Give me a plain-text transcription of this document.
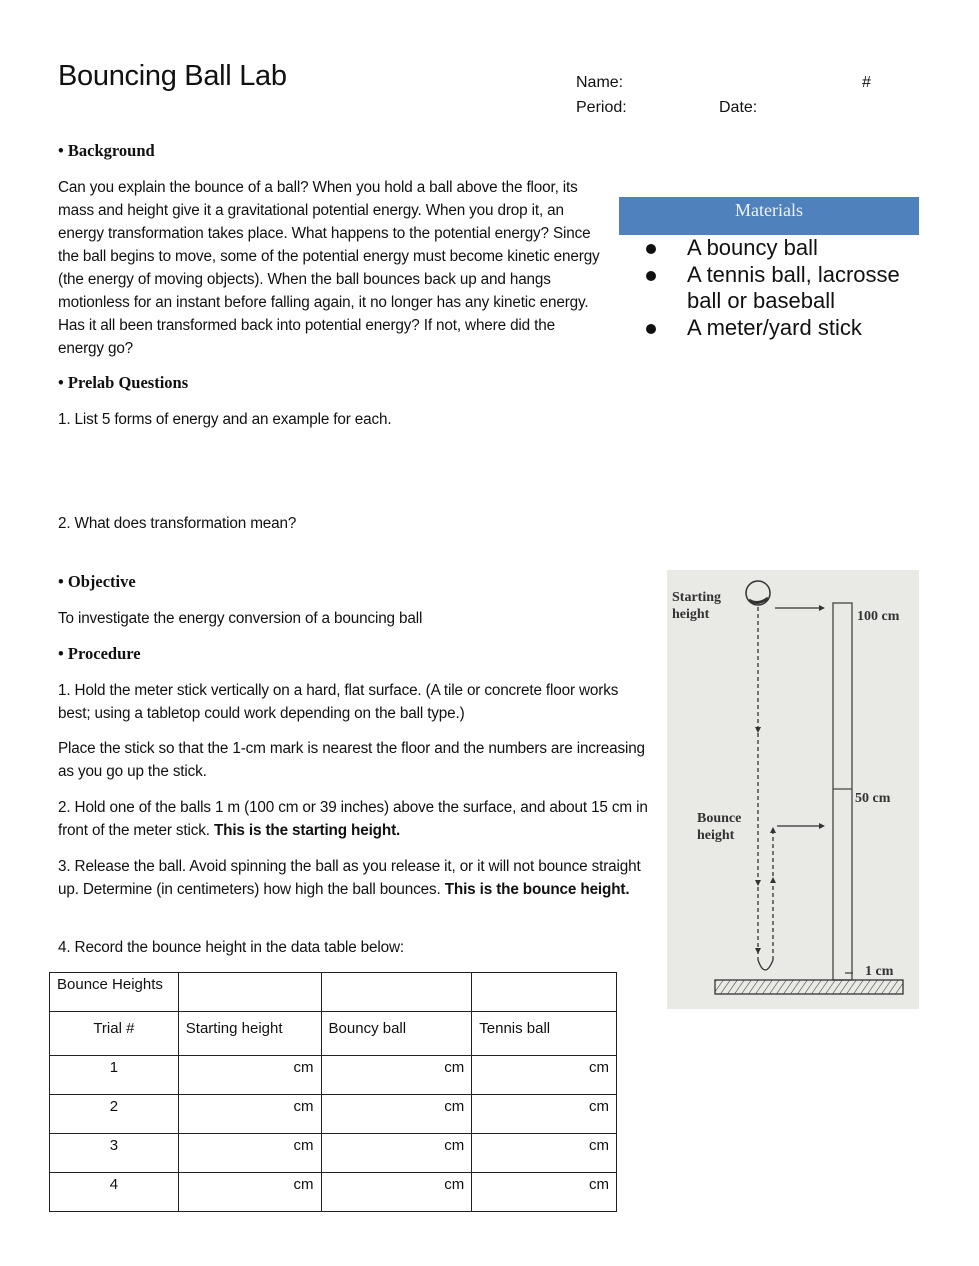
Bouncing Ball Lab	Name:	#
Period:	Date:
• Background
Can you explain the bounce of a ball? When you hold a ball above the floor, its mass and height give it a gravitational potential energy. When you drop it, an energy transformation takes place. What happens to the potential energy? Since the ball begins to move, some of the potential energy must become kinetic energy (the energy of moving objects). When the ball bounces back up and hangs motionless for an instant before falling again, it no longer has any kinetic energy. Has it all been transformed back into potential energy? If not, where did the energy go?
Materials
A bouncy ball
A tennis ball, lacrosse ball or baseball
A meter/yard stick
• Prelab Questions
1. List 5 forms of energy and an example for each.
2. What does transformation mean?
• Objective
To investigate the energy conversion of a bouncing ball
• Procedure
1. Hold the meter stick vertically on a hard, flat surface. (A tile or concrete floor works best; using a tabletop could work depending on the ball type.)
Place the stick so that the 1-cm mark is nearest the floor and the numbers are increasing as you go up the stick.
2. Hold one of the balls 1 m (100 cm or 39 inches) above the surface, and about 15 cm in front of the meter stick. This is the starting height.
3. Release the ball. Avoid spinning the ball as you release it, or it will not bounce straight up. Determine (in centimeters) how high the ball bounces. This is the bounce height.
4. Record the bounce height in the data table below:
Starting
height
Bounce
height
100 cm
50 cm
1 cm
Bounce Heights			
Trial #	Starting height	Bouncy ball	Tennis ball
1	cm	cm	cm
2	cm	cm	cm
3	cm	cm	cm
4	cm	cm	cm
